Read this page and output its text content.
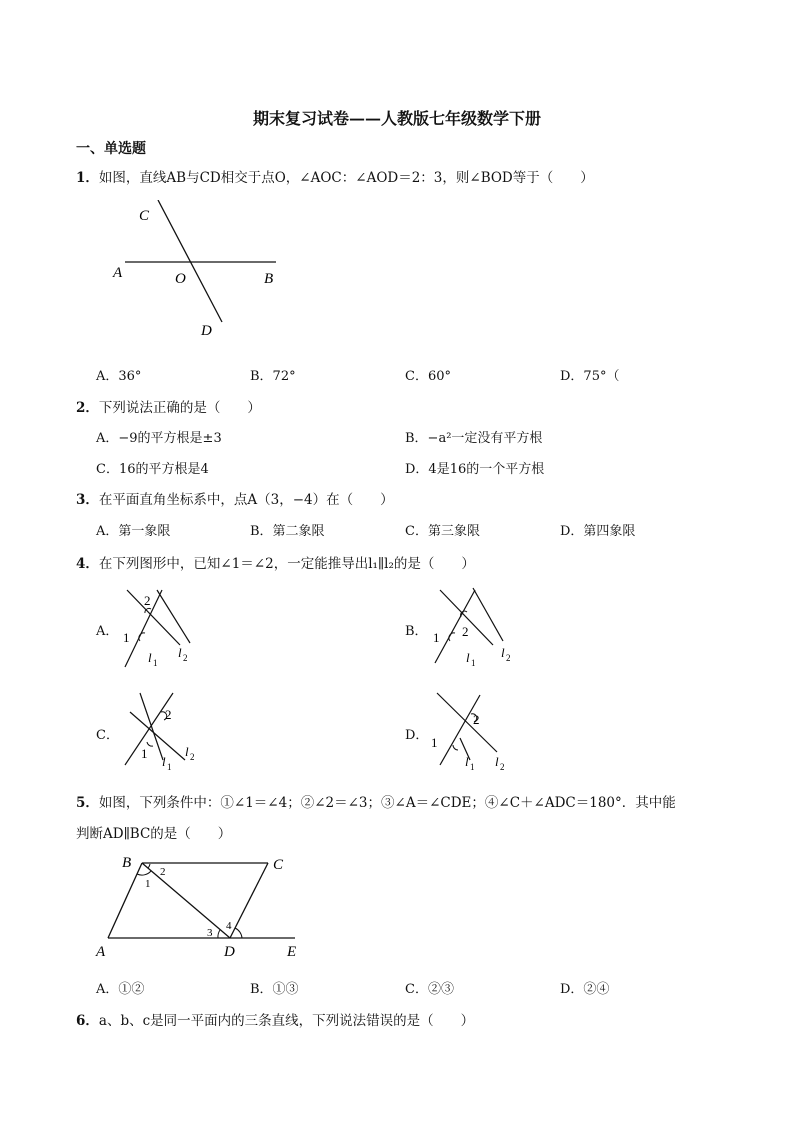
期末复习试卷——人教版七年级数学下册
一、单选题
1．如图，直线AB与CD相交于点O，∠AOC：∠AOD＝2：3，则∠BOD等于（　　）
C
A	O	B
D
A．36°	B．72°	C．60°	D．75°（
2．下列说法正确的是（　　）
A．−9的平方根是±3	B．−a²一定没有平方根
C．16的平方根是4	D．4是16的一个平方根
3．在平面直角坐标系中，点A（3，−4）在（　　）
A．第一象限	B．第二象限	C．第三象限	D．第四象限
4．在下列图形中，已知∠1＝∠2，一定能推导出l₁∥l₂的是（　　）
A．
2
1
l 1
l 2
B．	2
1
l 1
l 2
C．
2
1
l 1
l 2
D．
2
1
l 1 l 2
5．如图，下列条件中：①∠1＝∠4；②∠2＝∠3；③∠A＝∠CDE；④∠C＋∠ADC＝180°．其中能
判断AD∥BC的是（　　）
B	C
A	D	E
1
2
3
4
A．①②	B．①③	C．②③	D．②④
6．a、b、c是同一平面内的三条直线，下列说法错误的是（　　）
